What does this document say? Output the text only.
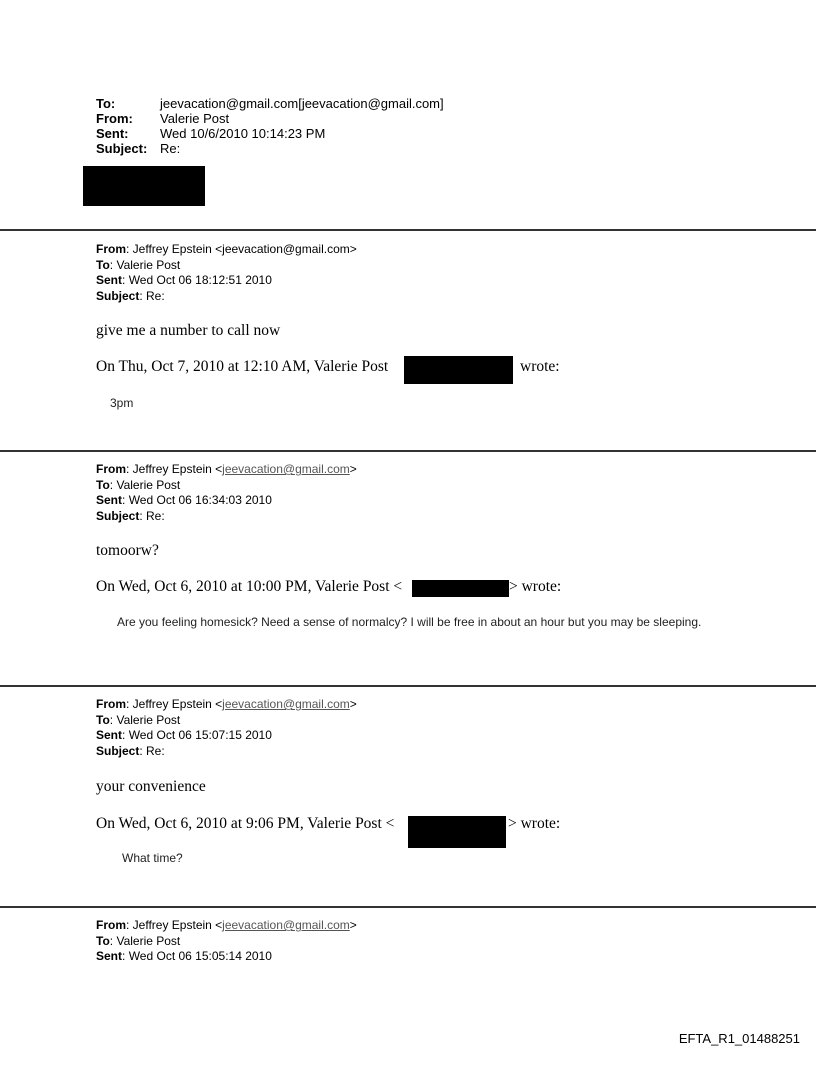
To:	jeevacation@gmail.com[jeevacation@gmail.com]
From:	Valerie Post
Sent:	Wed 10/6/2010 10:14:23 PM
Subject: Re:
From: Jeffrey Epstein <jeevacation@gmail.com>
To: Valerie Post
Sent: Wed Oct 06 18:12:51 2010
Subject: Re:
give me a number to call now
On Thu, Oct 7, 2010 at 12:10 AM, Valerie Post	wrote:
3pm
From: Jeffrey Epstein <jeevacation@gmail.com>
To: Valerie Post
Sent: Wed Oct 06 16:34:03 2010
Subject: Re:
tomoorw?
On Wed, Oct 6, 2010 at 10:00 PM, Valerie Post <	> wrote:
Are you feeling homesick? Need a sense of normalcy? I will be free in about an hour but you may be sleeping.
From: Jeffrey Epstein <jeevacation@gmail.com>
To: Valerie Post
Sent: Wed Oct 06 15:07:15 2010
Subject: Re:
your convenience
On Wed, Oct 6, 2010 at 9:06 PM, Valerie Post <	> wrote:
What time?
From: Jeffrey Epstein <jeevacation@gmail.com>
To: Valerie Post
Sent: Wed Oct 06 15:05:14 2010
EFTA_R1_01488251
